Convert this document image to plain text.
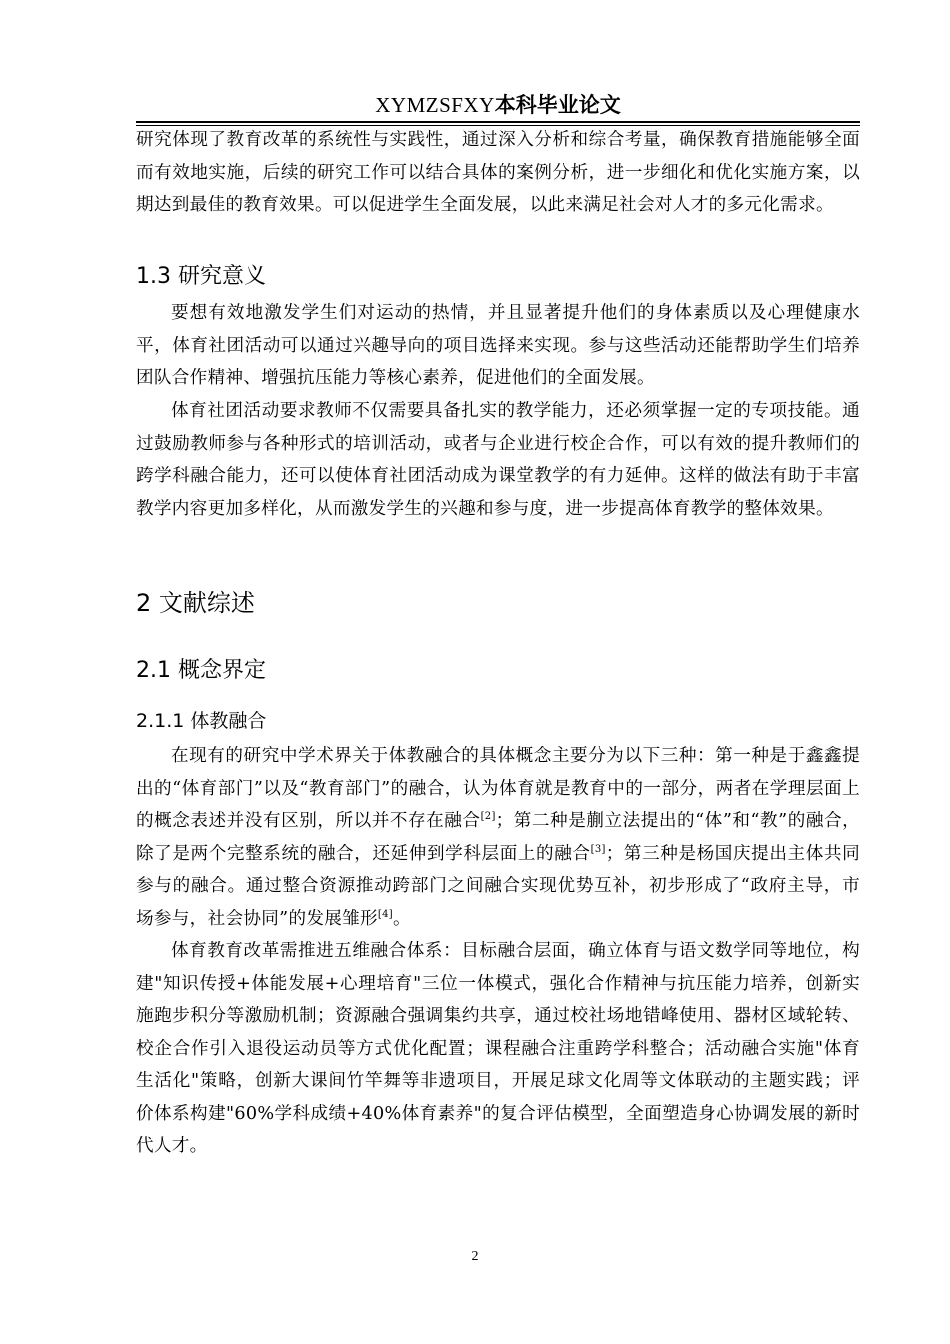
XYMZSFXY本科毕业论文
研究体现了教育改革的系统性与实践性，通过深入分析和综合考量，确保教育措施能够全面而有效地实施，后续的研究工作可以结合具体的案例分析，进一步细化和优化实施方案，以期达到最佳的教育效果。可以促进学生全面发展，以此来满足社会对人才的多元化需求。
1.3 研究意义
要想有效地激发学生们对运动的热情，并且显著提升他们的身体素质以及心理健康水平，体育社团活动可以通过兴趣导向的项目选择来实现。参与这些活动还能帮助学生们培养团队合作精神、增强抗压能力等核心素养，促进他们的全面发展。
体育社团活动要求教师不仅需要具备扎实的教学能力，还必须掌握一定的专项技能。通过鼓励教师参与各种形式的培训活动，或者与企业进行校企合作，可以有效的提升教师们的跨学科融合能力，还可以使体育社团活动成为课堂教学的有力延伸。这样的做法有助于丰富教学内容更加多样化，从而激发学生的兴趣和参与度，进一步提高体育教学的整体效果。
2 文献综述
2.1 概念界定
2.1.1 体教融合
在现有的研究中学术界关于体教融合的具体概念主要分为以下三种：第一种是于鑫鑫提出的“体育部门”以及“教育部门”的融合，认为体育就是教育中的一部分，两者在学理层面上的概念表述并没有区别，所以并不存在融合[2]；第二种是蒯立法提出的“体”和“教”的融合，除了是两个完整系统的融合，还延伸到学科层面上的融合[3]；第三种是杨国庆提出主体共同参与的融合。通过整合资源推动跨部门之间融合实现优势互补，初步形成了“政府主导，市场参与，社会协同”的发展雏形[4]。
体育教育改革需推进五维融合体系：目标融合层面，确立体育与语文数学同等地位，构建"知识传授+体能发展+心理培育"三位一体模式，强化合作精神与抗压能力培养，创新实施跑步积分等激励机制；资源融合强调集约共享，通过校社场地错峰使用、器材区域轮转、校企合作引入退役运动员等方式优化配置；课程融合注重跨学科整合；活动融合实施"体育生活化"策略，创新大课间竹竿舞等非遗项目，开展足球文化周等文体联动的主题实践；评价体系构建"60%学科成绩+40%体育素养"的复合评估模型，全面塑造身心协调发展的新时代人才。
2
